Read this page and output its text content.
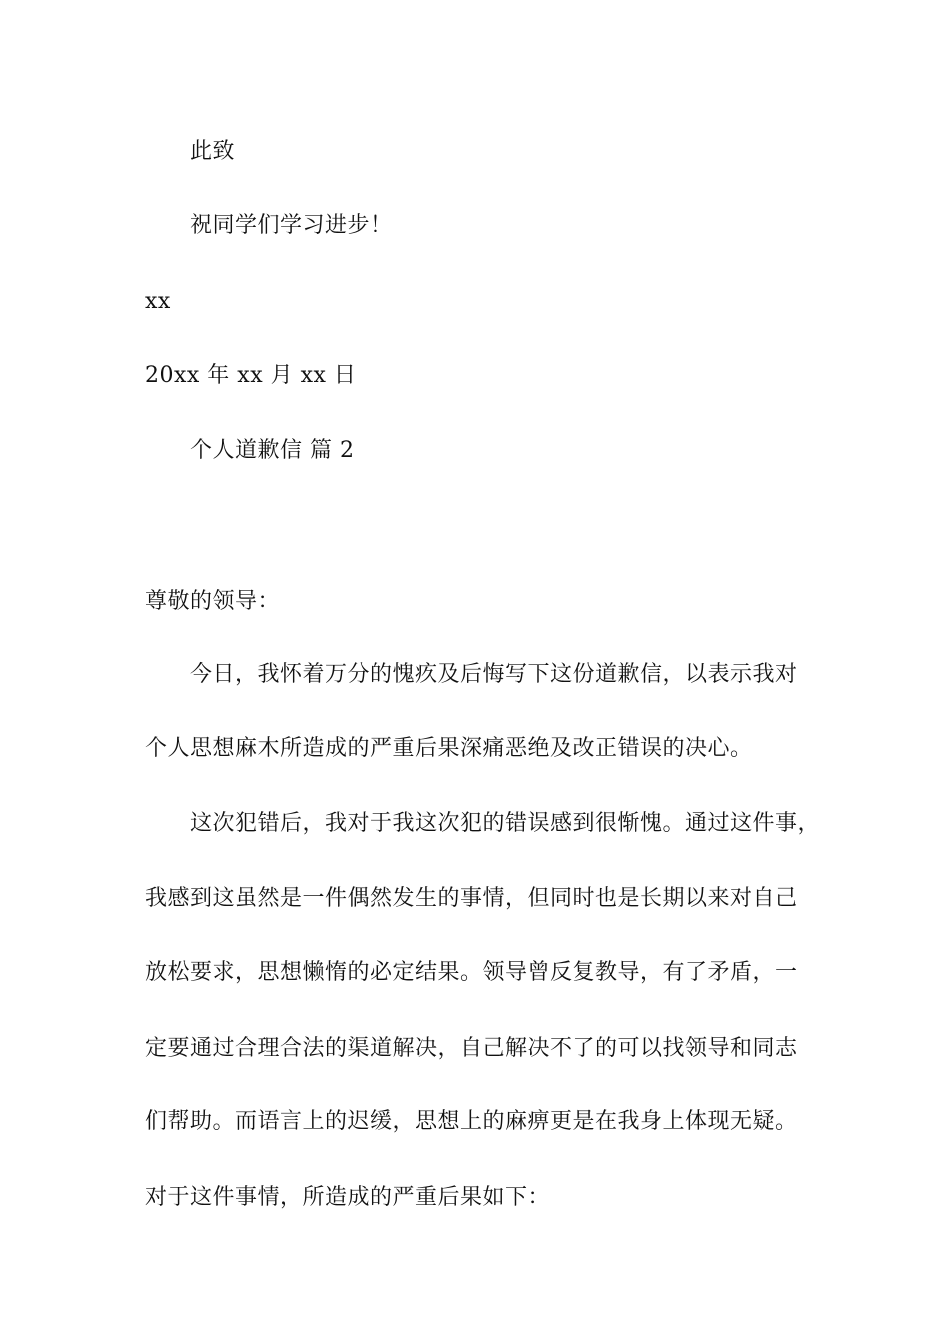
此致
祝同学们学习进步！
xx
20xx 年 xx 月 xx 日
个人道歉信 篇 2
尊敬的领导：
今日，我怀着万分的愧疚及后悔写下这份道歉信，以表示我对
个人思想麻木所造成的严重后果深痛恶绝及改正错误的决心。
这次犯错后，我对于我这次犯的错误感到很惭愧。通过这件事，
我感到这虽然是一件偶然发生的事情，但同时也是长期以来对自己
放松要求，思想懒惰的必定结果。领导曾反复教导，有了矛盾，一
定要通过合理合法的渠道解决，自己解决不了的可以找领导和同志
们帮助。而语言上的迟缓，思想上的麻痹更是在我身上体现无疑。
对于这件事情，所造成的严重后果如下：
